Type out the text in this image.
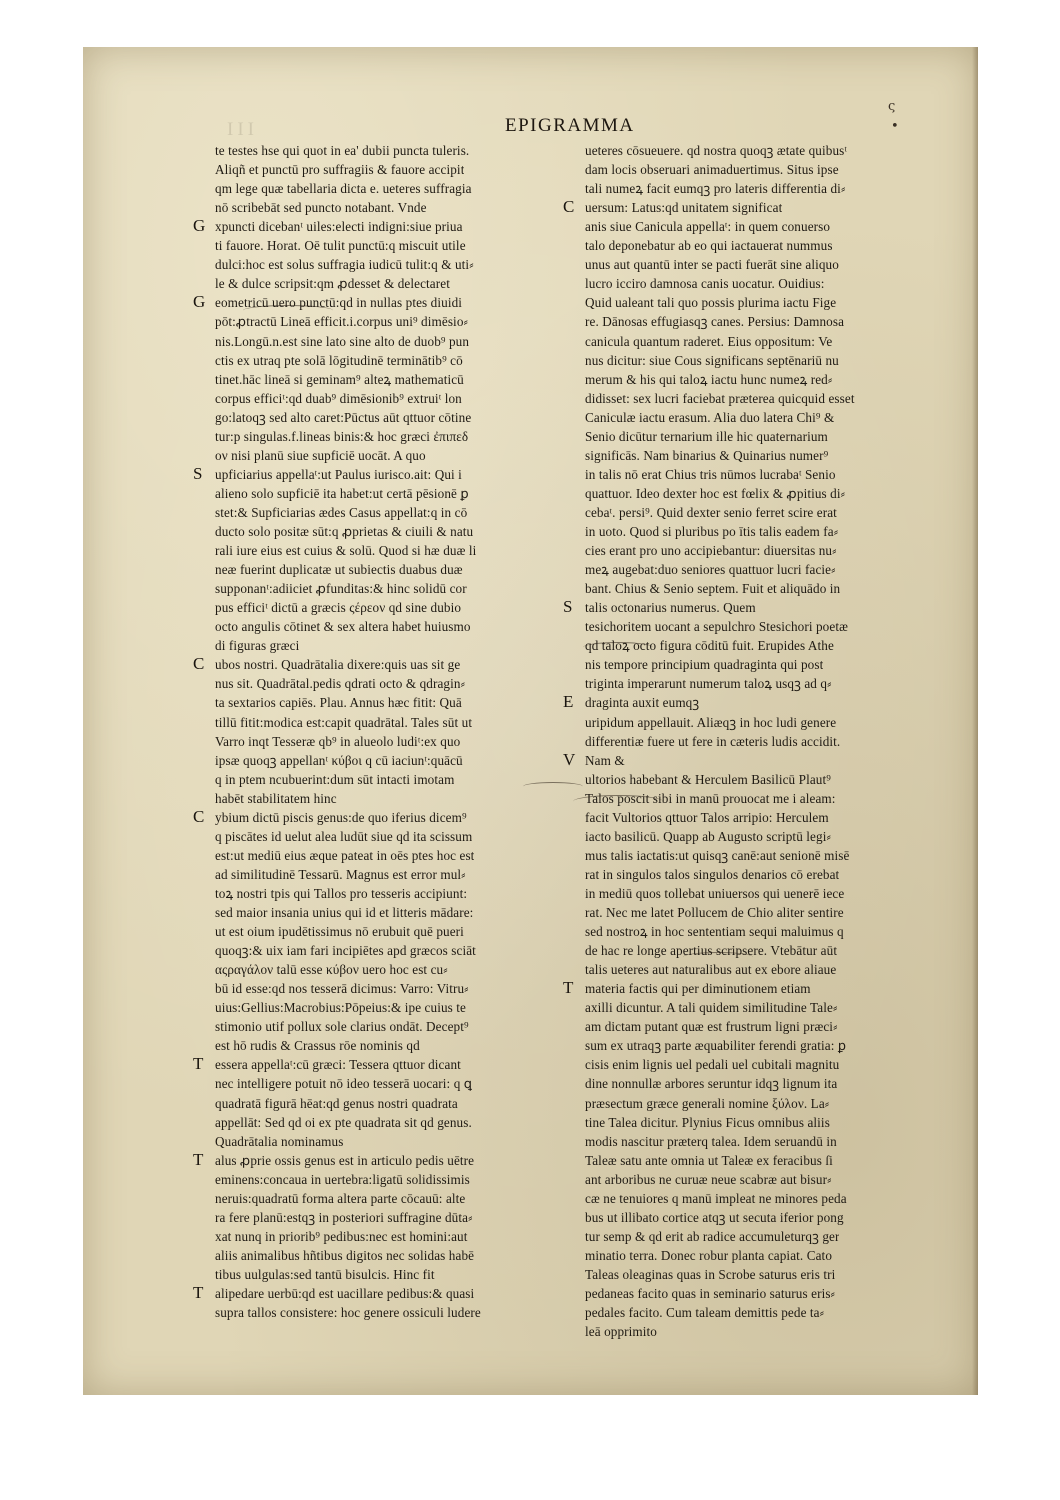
III	EPIGRAMMA
te testes hse qui quot in ea' dubii puncta tuleris.
Aliqñ et punctū pro suffragiis & fauore accipit
qm lege quæ tabellaria dicta e. ueteres suffragia
nō scribebāt sed puncto notabant. Vnde
xpuncti dicebanᵗ uiles:electi indigni:siue priua
ti fauore. Horat. Oē tulit punctū:q miscuit utile
dulci:hoc est solus suffragia iudicū tulit:q & uti⸗
le & dulce scripsit:qm ꝓdesset & delectaret
eometricū uero punctū:qd in nullas ptes diuidi
pōt:ꝓtractū Lineā efficit.i.corpus uni⁹ dimēsio⸗
nis.Longū.n.est sine lato sine alto de duob⁹ pun
ctis ex utraq pte solā lōgitudinē terminātib⁹ cō
tinet.hāc lineā si geminam⁹ alteꝝ mathematicū
corpus efficiᵗ:qd duab⁹ dimēsionib⁹ extruiᵗ lon
go:latoqꝫ sed alto caret:Pūctus aūt qttuor cōtine
tur:p singulas.f.lineas binis:& hoc græci ἐπιπεδ
ον nisi planū siue supficiē uocāt. A quo
upficiarius appellaᵗ:ut Paulus iurisco.ait: Qui i
alieno solo supficiē ita habet:ut certā pēsionē ꝑ
stet:& Supficiarias ædes Casus appellat:q in cō
ducto solo positæ sūt:q ꝓprietas & ciuili & natu
rali iure eius est cuius & solū. Quod si hæ duæ li
neæ fuerint duplicatæ ut subiectis duabus duæ
supponanᵗ:adiiciet ꝓfunditas:& hinc solidū cor
pus efficiᵗ dictū a græcis ςέρεον qd sine dubio
octo angulis cōtinet & sex altera habet huiusmo
di figuras græci
ubos nostri. Quadrātalia dixere:quis uas sit ge
nus sit. Quadrātal.pedis qdrati octo & qdragin⸗
ta sextarios capiēs. Plau. Annus hæc fitit: Quā
tillū fitit:modica est:capit quadrātal. Tales sūt ut
Varro inqt Tesseræ qb⁹ in alueolo ludiᵗ:ex quo
ipsæ quoqꝫ appellanᵗ κύβοι q cū iaciunᵗ:quācū
q in ptem ncubuerint:dum sūt intacti imotam
habēt stabilitatem hinc
ybium dictū piscis genus:de quo iferius dicem⁹
q piscātes id uelut alea ludūt siue qd ita scissum
est:ut mediū eius æque pateat in oēs ptes hoc est
ad similitudinē Tessarū. Magnus est error mul⸗
toꝝ nostri tpis qui Tallos pro tesseris accipiunt:
sed maior insania unius qui id et litteris mādare:
ut est oium ipudētissimus nō erubuit quē pueri
quoqꝫ:& uix iam fari incipiētes apd græcos sciāt
αςραγάλον talū esse κύβον uero hoc est cu⸗
bū id esse:qd nos tesserā dicimus: Varro: Vitru⸗
uius:Gellius:Macrobius:Pōpeius:& ipe cuius te
stimonio utif pollux sole clarius ondāt. Decept⁹
est hō rudis & Crassus rōe nominis qd
essera appellaᵗ:cū græci: Tessera qttuor dicant
nec intelligere potuit nō ideo tesserā uocari: q ꝗ
quadratā figurā hēat:qd genus nostri quadrata
appellāt: Sed qd oi ex pte quadrata sit qd genus.
Quadrātalia nominamus
alus ꝓprie ossis genus est in articulo pedis uētre
eminens:concaua in uertebra:ligatū solidissimis
neruis:quadratū forma altera parte cōcauū: alte
ra fere planū:estqꝫ in posteriori suffragine dūta⸗
xat nunq in priorib⁹ pedibus:nec est homini:aut
aliis animalibus hñtibus digitos nec solidas habē
tibus uulgulas:sed tantū bisulcis. Hinc fit
alipedare uerbū:qd est uacillare pedibus:& quasi
supra tallos consistere: hoc genere ossiculi ludere
G
G
S
C
C
T
T
T
ueteres cōsueuere. qd nostra quoqꝫ ætate quibusᵗ
dam locis obseruari animaduertimus. Situs ipse
tali numeꝝ facit eumqꝫ pro lateris differentia di⸗
uersum: Latus:qd unitatem significat
anis siue Canicula appellaᵗ: in quem conuerso
talo deponebatur ab eo qui iactauerat nummus
unus aut quantū inter se pacti fuerāt sine aliquo
lucro icciro damnosa canis uocatur. Ouidius:
Quid ualeant tali quo possis plurima iactu Fige
re. Dānosas effugiasqꝫ canes. Persius: Damnosa
canicula quantum raderet. Eius oppositum: Ve
nus dicitur: siue Cous significans septēnariū nu
merum & his qui taloꝝ iactu hunc numeꝝ red⸗
didisset: sex lucri faciebat præterea quicquid esset
Caniculæ iactu erasum. Alia duo latera Chi⁹ &
Senio dicūtur ternarium ille hic quaternarium
significās. Nam binarius & Quinarius numer⁹
in talis nō erat Chius tris nūmos lucrabaᵗ Senio
quattuor. Ideo dexter hoc est fœlix & ꝓpitius di⸗
cebaᵗ. persi⁹. Quid dexter senio ferret scire erat
in uoto. Quod si pluribus po ītis talis eadem fa⸗
cies erant pro uno accipiebantur: diuersitas nu⸗
meꝝ augebat:duo seniores quattuor lucri facie⸗
bant. Chius & Senio septem. Fuit et aliquādo in
talis octonarius numerus. Quem
tesichoritem uocant a sepulchro Stesichori poetæ
qd taloꝝ octo figura cōditū fuit. Erupides Athe
nis tempore principium quadraginta qui post
triginta imperarunt numerum taloꝝ usqꝫ ad q⸗
draginta auxit eumqꝫ
uripidum appellauit. Aliæqꝫ in hoc ludi genere
differentiæ fuere ut fere in cæteris ludis accidit.
Nam &
ultorios habebant & Herculem Basilicū Plaut⁹
Talos poscit sibi in manū prouocat me i aleam:
facit Vultorios qttuor Talos arripio: Herculem
iacto basilicū. Quapp ab Augusto scriptū legi⸗
mus talis iactatis:ut quisqꝫ canē:aut senionē misē
rat in singulos talos singulos denarios cō erebat
in mediū quos tollebat uniuersos qui uenerē iece
rat. Nec me latet Pollucem de Chio aliter sentire
sed nostroꝝ in hoc sententiam sequi maluimus q
de hac re longe apertius scripsere. Vtebātur aūt
talis ueteres aut naturalibus aut ex ebore aliaue
materia factis qui per diminutionem etiam
axilli dicuntur. A tali quidem similitudine Tale⸗
am dictam putant quæ est frustrum ligni præci⸗
sum ex utraqꝫ parte æquabiliter ferendi gratia: ꝑ
cisis enim lignis uel pedali uel cubitali magnitu
dine nonnullæ arbores seruntur idqꝫ lignum ita
præsectum græce generali nomine ξύλον. La⸗
tine Talea dicitur. Plynius Ficus omnibus aliis
modis nascitur præterq talea. Idem seruandū in
Taleæ satu ante omnia ut Taleæ ex feracibus ſi
ant arboribus ne curuæ neue scabræ aut bisur⸗
cæ ne tenuiores q manū impleat ne minores peda
bus ut illibato cortice atqꝫ ut secuta iferior pong
tur semp & qd erit ab radice accumuleturqꝫ ger
minatio terra. Donec robur planta capiat. Cato
Taleas oleaginas quas in Scrobe saturus eris tri
pedaneas facito quas in seminario saturus eris⸗
pedales facito. Cum taleam demittis pede ta⸗
leā opprimito
C
S
E
V
T
ς
•
